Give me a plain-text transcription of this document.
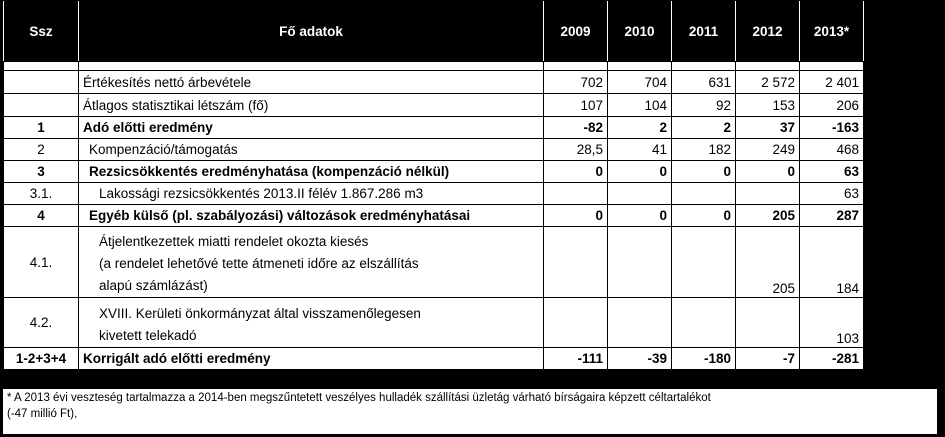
Ssz	Fő adatok	2009	2010	2011	2012	2013*

	Értékesítés nettó árbevétele	702	704	631	2 572	2 401
	Átlagos statisztikai létszám (fő)	107	104	92	153	206
1	Adó előtti eredmény	-82	2	2	37	-163
2	Kompenzáció/támogatás	28,5	41	182	249	468
3	Rezsicsökkentés eredményhatása (kompenzáció nélkül)	0	0	0	0	63
3.1.	Lakossági rezsicsökkentés 2013.II félév 1.867.286 m3					63
4	Egyéb külső (pl. szabályozási) változások eredményhatásai	0	0	0	205	287
4.1.	Átjelentkezettek miatti rendelet okozta kiesés
(a rendelet lehetővé tette átmeneti időre az elszállítás
alapú számlázást)				205	184
4.2.	XVIII. Kerületi önkormányzat által visszamenőlegesen
kivetett telekadó					103
1-2+3+4	Korrigált adó előtti eredmény	-111	-39	-180	-7	-281
* A 2013 évi veszteség tartalmazza a 2014-ben megszűntetett veszélyes hulladék szállítási üzletág várható bírságaira képzett céltartalékot
(-47 millió Ft),
